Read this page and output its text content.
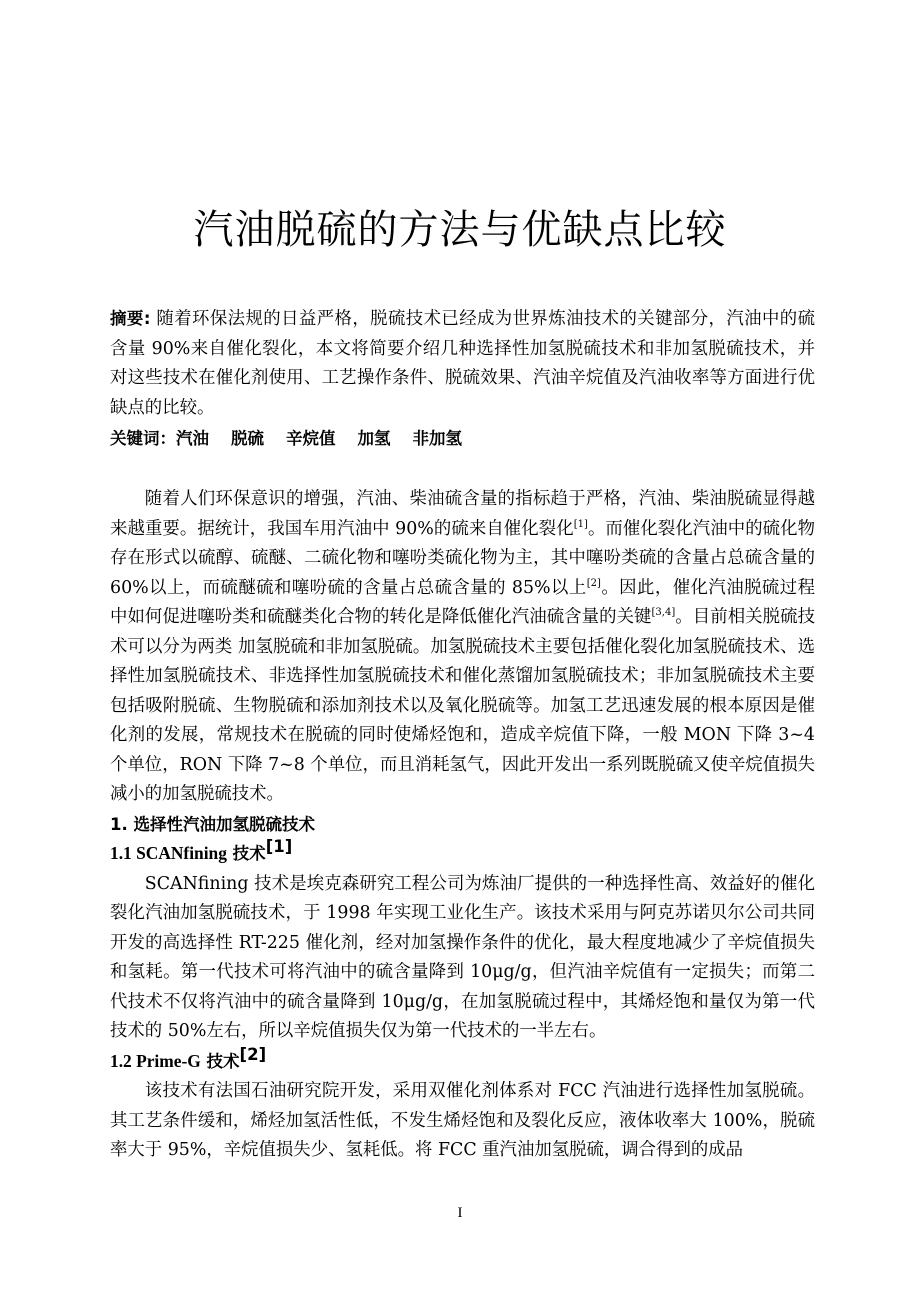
汽油脱硫的方法与优缺点比较

摘要: 随着环保法规的日益严格，脱硫技术已经成为世界炼油技术的关键部分，汽油中的硫含量 90%来自催化裂化，本文将简要介绍几种选择性加氢脱硫技术和非加氢脱硫技术，并对这些技术在催化剂使用、工艺操作条件、脱硫效果、汽油辛烷值及汽油收率等方面进行优缺点的比较。

关键词：汽油 脱硫 辛烷值 加氢 非加氢

随着人们环保意识的增强，汽油、柴油硫含量的指标趋于严格，汽油、柴油脱硫显得越来越重要。据统计，我国车用汽油中 90%的硫来自催化裂化[1]。而催化裂化汽油中的硫化物存在形式以硫醇、硫醚、二硫化物和噻吩类硫化物为主，其中噻吩类硫的含量占总硫含量的 60%以上，而硫醚硫和噻吩硫的含量占总硫含量的 85%以上[2]。因此，催化汽油脱硫过程中如何促进噻吩类和硫醚类化合物的转化是降低催化汽油硫含量的关键[3,4]。目前相关脱硫技术可以分为两类 加氢脱硫和非加氢脱硫。加氢脱硫技术主要包括催化裂化加氢脱硫技术、选择性加氢脱硫技术、非选择性加氢脱硫技术和催化蒸馏加氢脱硫技术；非加氢脱硫技术主要包括吸附脱硫、生物脱硫和添加剂技术以及氧化脱硫等。加氢工艺迅速发展的根本原因是催化剂的发展，常规技术在脱硫的同时使烯烃饱和，造成辛烷值下降，一般 MON 下降 3~4 个单位，RON 下降 7~8 个单位，而且消耗氢气，因此开发出一系列既脱硫又使辛烷值损失减小的加氢脱硫技术。

1. 选择性汽油加氢脱硫技术

1.1 SCANfining 技术[1]

SCANfining 技术是埃克森研究工程公司为炼油厂提供的一种选择性高、效益好的催化裂化汽油加氢脱硫技术，于 1998 年实现工业化生产。该技术采用与阿克苏诺贝尔公司共同开发的高选择性 RT-225 催化剂，经对加氢操作条件的优化，最大程度地减少了辛烷值损失和氢耗。第一代技术可将汽油中的硫含量降到 10μg/g，但汽油辛烷值有一定损失；而第二代技术不仅将汽油中的硫含量降到 10μg/g，在加氢脱硫过程中，其烯烃饱和量仅为第一代技术的 50%左右，所以辛烷值损失仅为第一代技术的一半左右。

1.2 Prime-G 技术[2]

该技术有法国石油研究院开发，采用双催化剂体系对 FCC 汽油进行选择性加氢脱硫。其工艺条件缓和，烯烃加氢活性低，不发生烯烃饱和及裂化反应，液体收率大 100%，脱硫率大于 95%，辛烷值损失少、氢耗低。将 FCC 重汽油加氢脱硫，调合得到的成品

I
